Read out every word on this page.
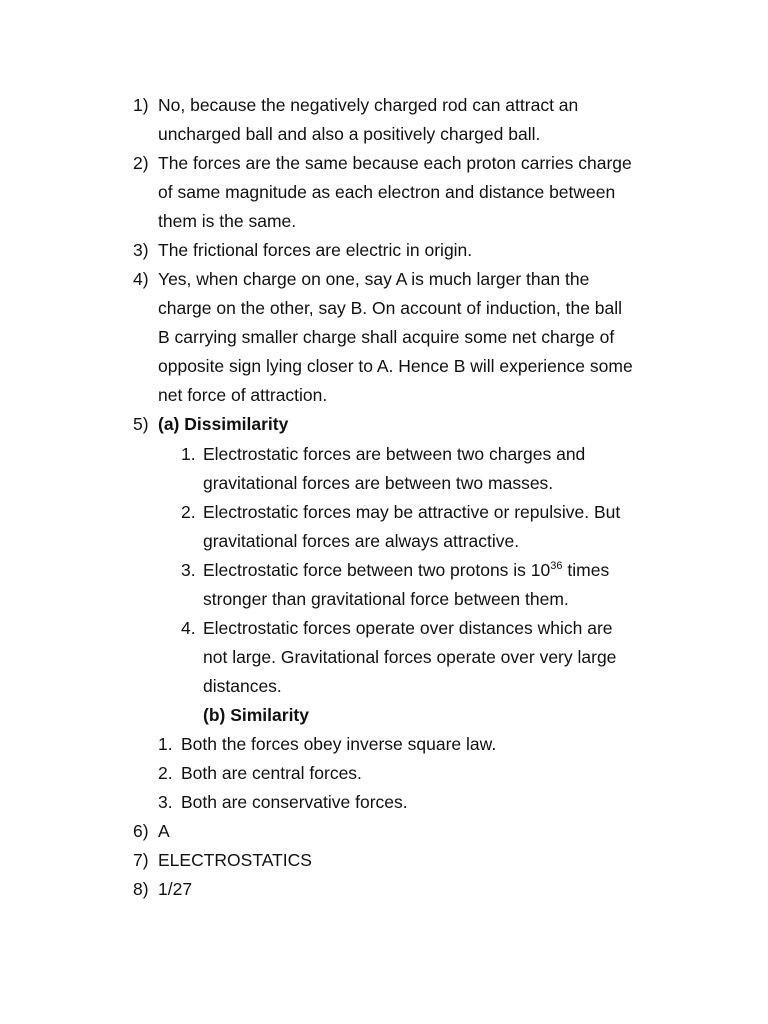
1) No, because the negatively charged rod can attract an
uncharged ball and also a positively charged ball.
2) The forces are the same because each proton carries charge
of same magnitude as each electron and distance between
them is the same.
3) The frictional forces are electric in origin.
4) Yes, when charge on one, say A is much larger than the
charge on the other, say B. On account of induction, the ball
B carrying smaller charge shall acquire some net charge of
opposite sign lying closer to A. Hence B will experience some
net force of attraction.
5) (a) Dissimilarity
1. Electrostatic forces are between two charges and
gravitational forces are between two masses.
2. Electrostatic forces may be attractive or repulsive. But
gravitational forces are always attractive.
3. Electrostatic force between two protons is $10^{36}$ times
stronger than gravitational force between them.
4. Electrostatic forces operate over distances which are
not large. Gravitational forces operate over very large
distances.
(b) Similarity
1. Both the forces obey inverse square law.
2. Both are central forces.
3. Both are conservative forces.
6) A
7) ELECTROSTATICS
8) 1/27
